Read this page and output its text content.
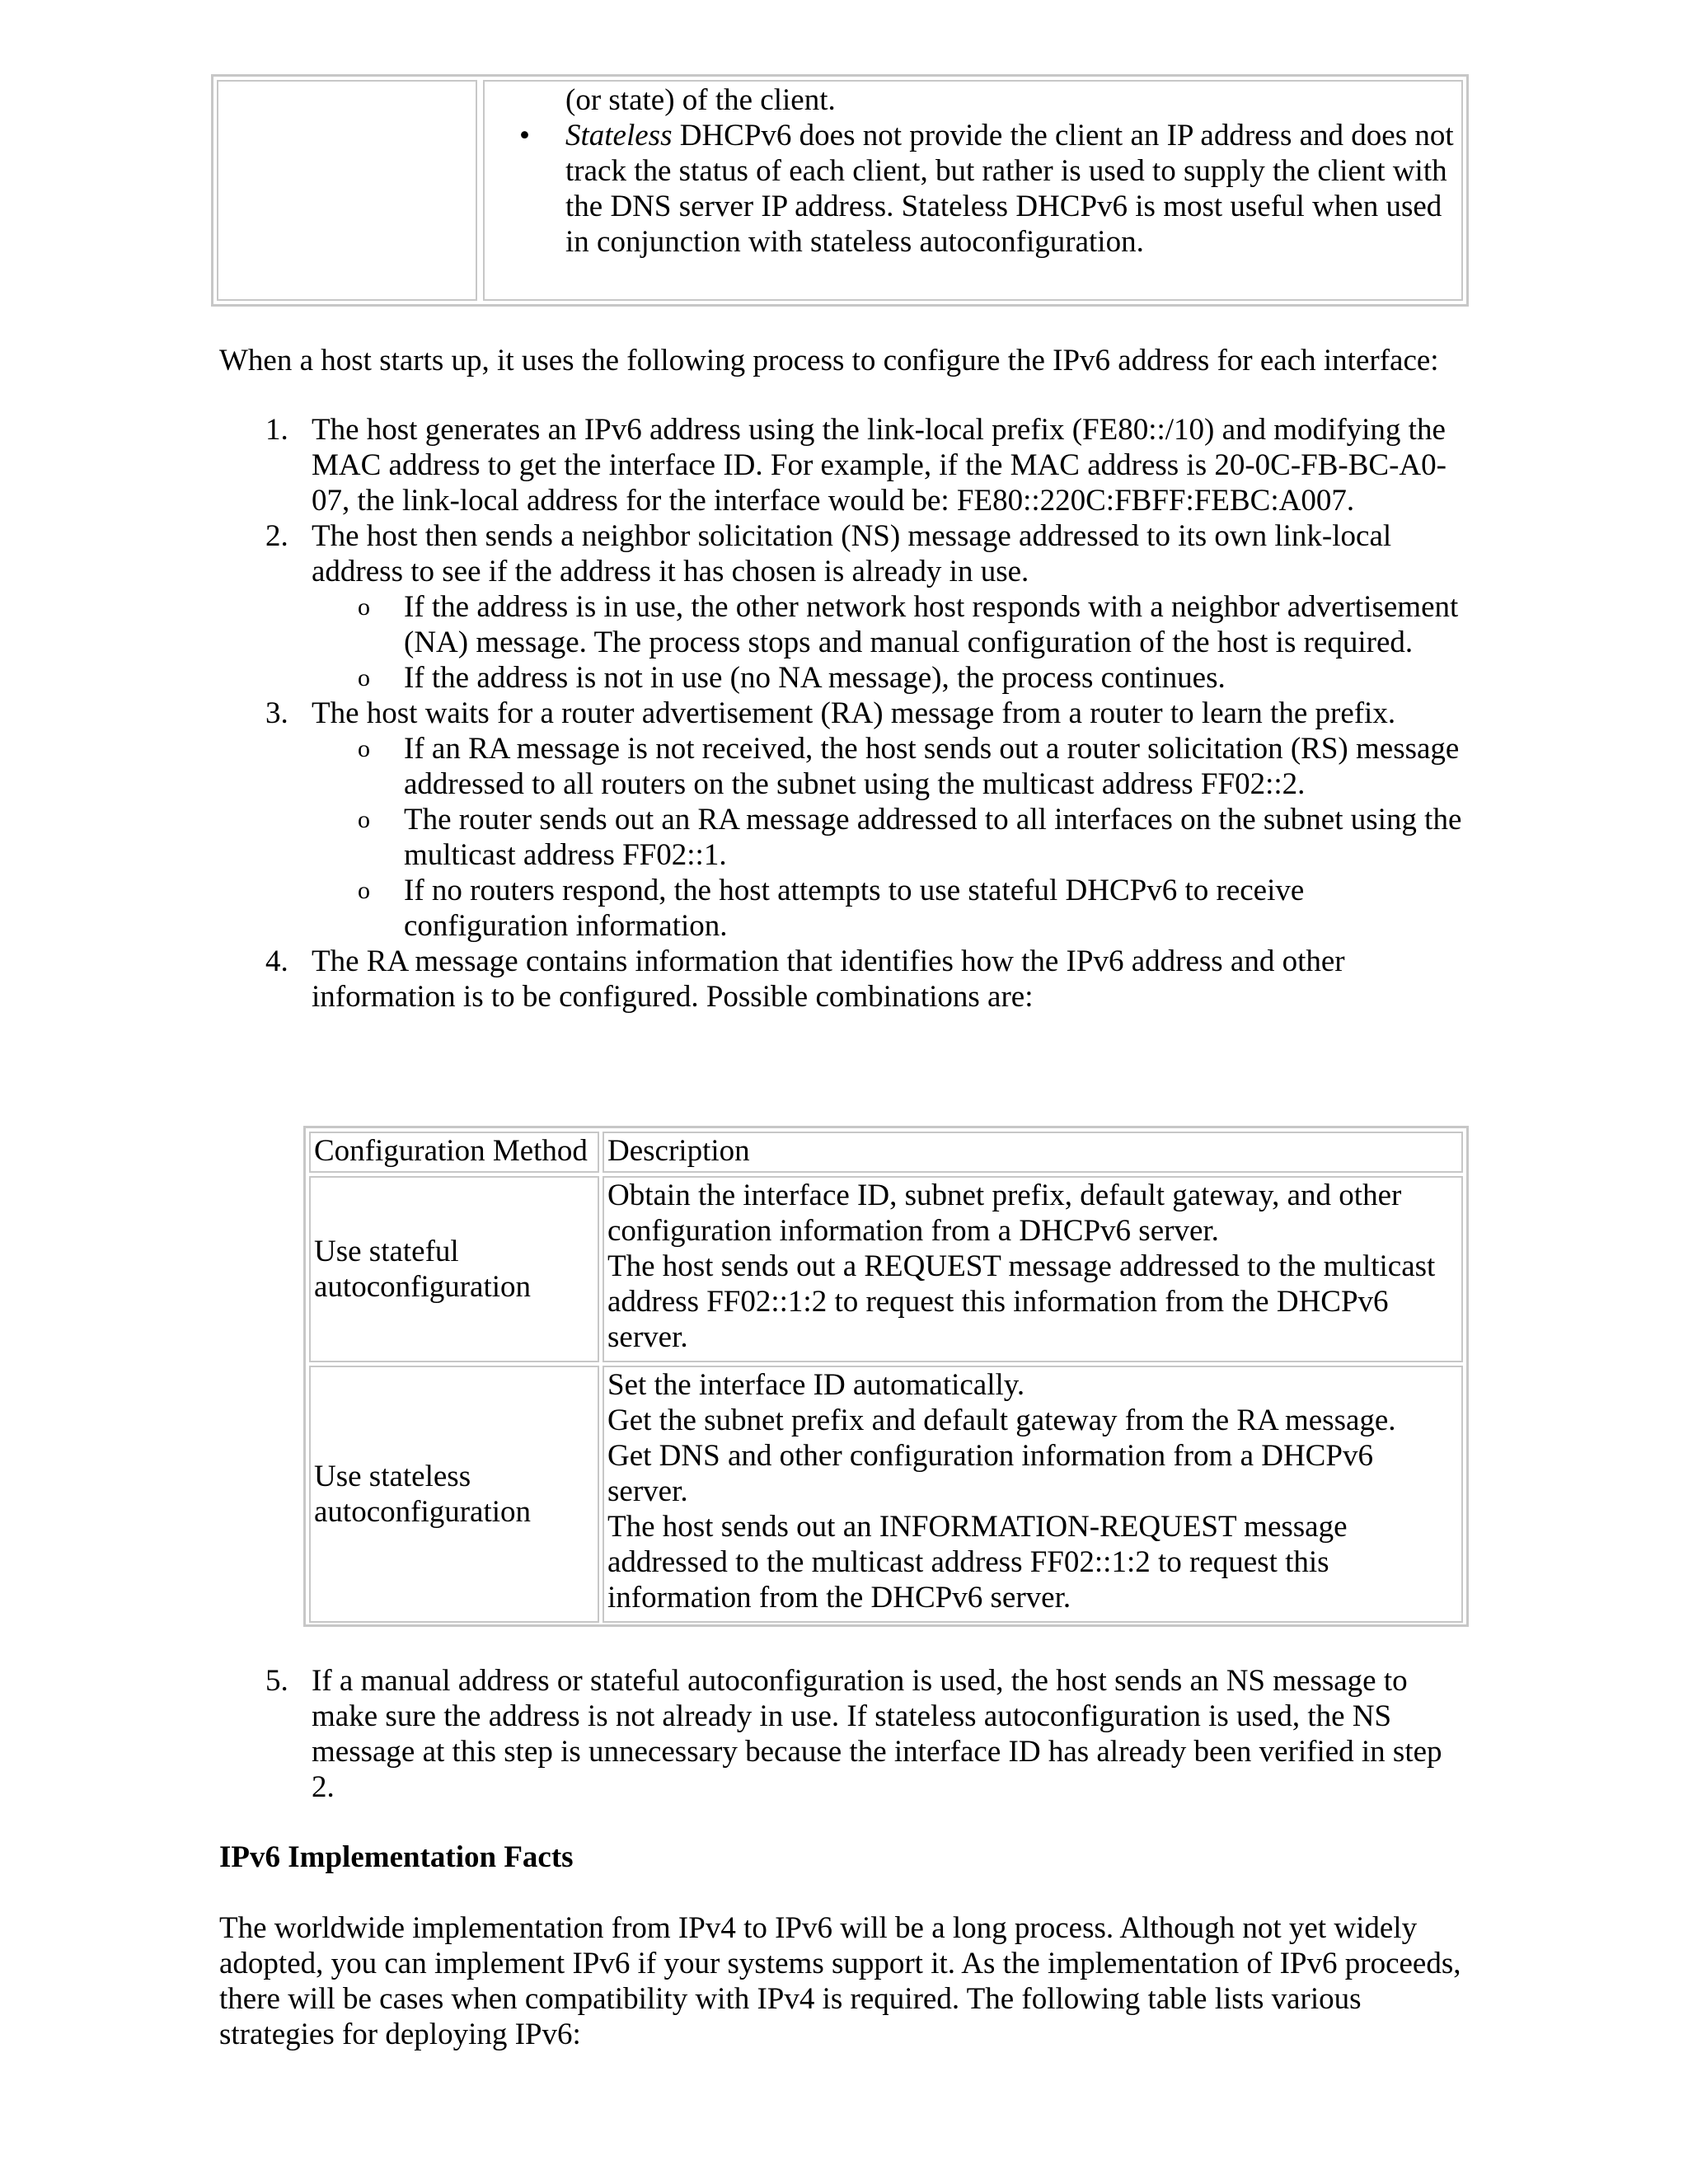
(or state) of the client.
• Stateless DHCPv6 does not provide the client an IP address and does not track the status of each client, but rather is used to supply the client with the DNS server IP address. Stateless DHCPv6 is most useful when used in conjunction with stateless autoconfiguration.
When a host starts up, it uses the following process to configure the IPv6 address for each interface:
1. The host generates an IPv6 address using the link-local prefix (FE80::/10) and modifying the MAC address to get the interface ID. For example, if the MAC address is 20-0C-FB-BC-A0-07, the link-local address for the interface would be: FE80::220C:FBFF:FEBC:A007.
2. The host then sends a neighbor solicitation (NS) message addressed to its own link-local address to see if the address it has chosen is already in use.
o If the address is in use, the other network host responds with a neighbor advertisement (NA) message. The process stops and manual configuration of the host is required.
o If the address is not in use (no NA message), the process continues.
3. The host waits for a router advertisement (RA) message from a router to learn the prefix.
o If an RA message is not received, the host sends out a router solicitation (RS) message addressed to all routers on the subnet using the multicast address FF02::2.
o The router sends out an RA message addressed to all interfaces on the subnet using the multicast address FF02::1.
o If no routers respond, the host attempts to use stateful DHCPv6 to receive configuration information.
4. The RA message contains information that identifies how the IPv6 address and other information is to be configured. Possible combinations are:
Configuration Method Description
Use stateful autoconfiguration
Obtain the interface ID, subnet prefix, default gateway, and other configuration information from a DHCPv6 server.
The host sends out a REQUEST message addressed to the multicast address FF02::1:2 to request this information from the DHCPv6 server.
Use stateless autoconfiguration
Set the interface ID automatically.
Get the subnet prefix and default gateway from the RA message.
Get DNS and other configuration information from a DHCPv6 server.
The host sends out an INFORMATION-REQUEST message addressed to the multicast address FF02::1:2 to request this information from the DHCPv6 server.
5. If a manual address or stateful autoconfiguration is used, the host sends an NS message to make sure the address is not already in use. If stateless autoconfiguration is used, the NS message at this step is unnecessary because the interface ID has already been verified in step 2.
IPv6 Implementation Facts
The worldwide implementation from IPv4 to IPv6 will be a long process. Although not yet widely adopted, you can implement IPv6 if your systems support it. As the implementation of IPv6 proceeds, there will be cases when compatibility with IPv4 is required. The following table lists various strategies for deploying IPv6:
